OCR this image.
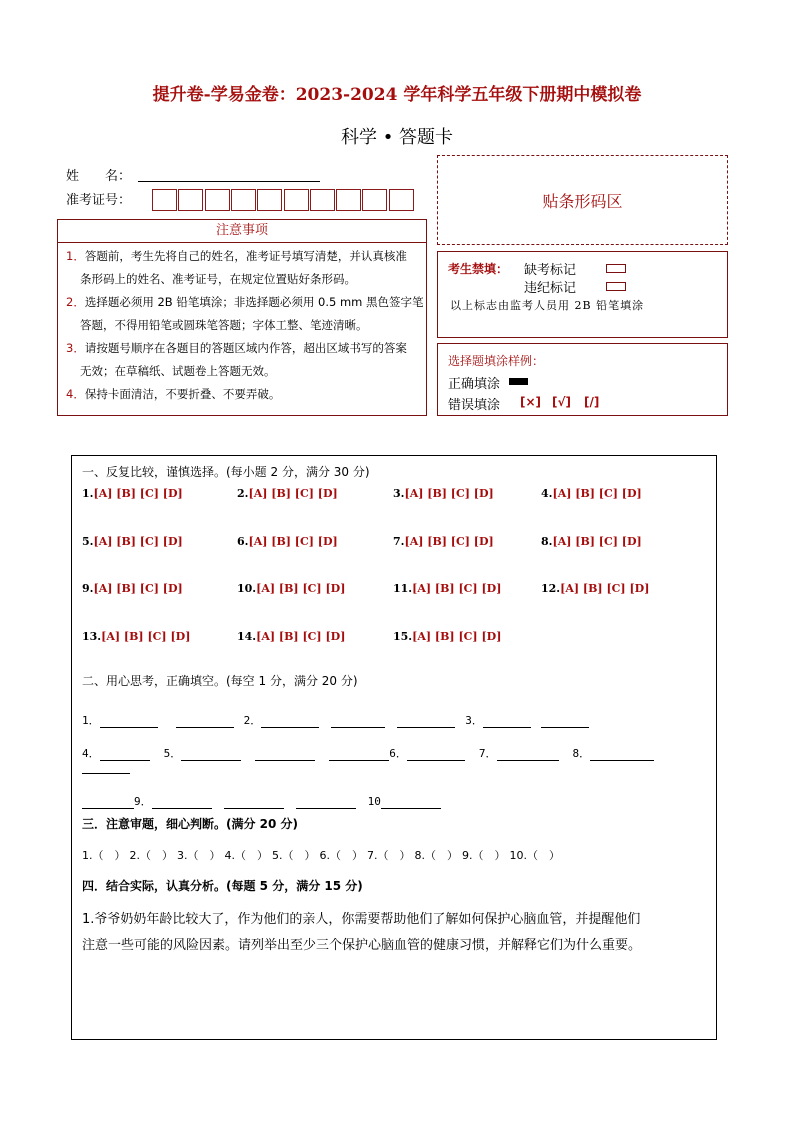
提升卷-学易金卷：2023-2024 学年科学五年级下册期中模拟卷
科学 • 答题卡
姓　　名：
准考证号：	贴条形码区
注意事项

1．答题前，考生先将自己的姓名，准考证号填写清楚，并认真核准

条形码上的姓名、准考证号，在规定位置贴好条形码。

2．选择题必须用 2B 铅笔填涂；非选择题必须用 0.5 mm 黑色签字笔

答题，不得用铅笔或圆珠笔答题；字体工整、笔迹清晰。

3．请按题号顺序在各题目的答题区域内作答，超出区域书写的答案

无效；在草稿纸、试题卷上答题无效。

4．保持卡面清洁，不要折叠、不要弄破。

考生禁填： 缺考标记
违纪标记
以上标志由监考人员用 2B 铅笔填涂
选择题填涂样例：
正确填涂
错误填涂 [×] [√] [/]
一、反复比较，谨慎选择。(每小题 2 分，满分 30 分)
1.[A] [B] [C] [D]	2.[A] [B] [C] [D]	3.[A] [B] [C] [D]	4.[A] [B] [C] [D]
5.[A] [B] [C] [D]	6.[A] [B] [C] [D]	7.[A] [B] [C] [D]	8.[A] [B] [C] [D]
9.[A] [B] [C] [D]	10.[A] [B] [C] [D]	11.[A] [B] [C] [D]	12.[A] [B] [C] [D]
13.[A] [B] [C] [D]	14.[A] [B] [C] [D]	15.[A] [B] [C] [D]
二、用心思考，正确填空。(每空 1 分，满分 20 分)
1．	2．	3．
4．	5．	6．	7．	8．
9．	10
三．注意审题，细心判断。(满分 20 分)
1.（　） 2.（　） 3.（　） 4.（　） 5.（　） 6.（　） 7.（　） 8.（　） 9.（　） 10.（　）
四．结合实际，认真分析。(每题 5 分，满分 15 分)
1.爷爷奶奶年龄比较大了，作为他们的亲人，你需要帮助他们了解如何保护心脑血管，并提醒他们
注意一些可能的风险因素。请列举出至少三个保护心脑血管的健康习惯，并解释它们为什么重要。
